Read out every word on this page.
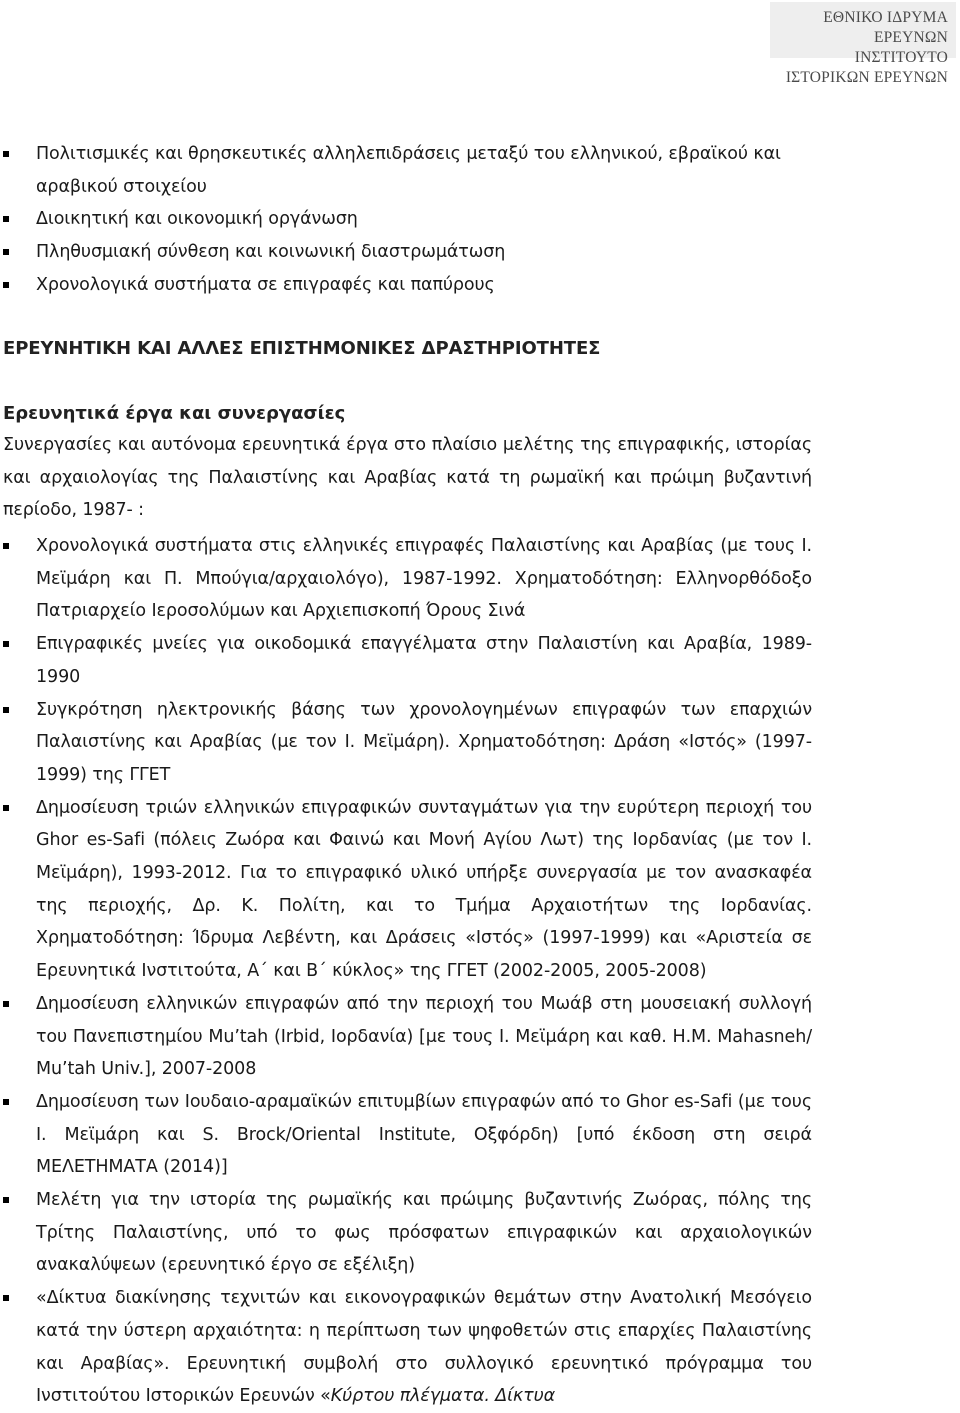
ΕΘΝΙΚΟ ΙΔΡΥΜΑ ΕΡΕΥΝΩΝ
ΙΝΣΤΙΤΟΥΤΟ ΙΣΤΟΡΙΚΩΝ ΕΡΕΥΝΩΝ
Πολιτισμικές και θρησκευτικές αλληλεπιδράσεις μεταξύ του ελληνικού, εβραϊκού και αραβικού στοιχείου
Διοικητική και οικονομική οργάνωση
Πληθυσμιακή σύνθεση και κοινωνική διαστρωμάτωση
Χρονολογικά συστήματα σε επιγραφές και παπύρους
ΕΡΕΥΝΗΤΙΚΗ ΚΑΙ ΑΛΛΕΣ ΕΠΙΣΤΗΜΟΝΙΚΕΣ ΔΡΑΣΤΗΡΙΟΤΗΤΕΣ
Ερευνητικά έργα και συνεργασίες
Συνεργασίες και αυτόνομα ερευνητικά έργα στο πλαίσιο μελέτης της επιγραφικής, ιστορίας και αρχαιολογίας της Παλαιστίνης και Αραβίας κατά τη ρωμαϊκή και πρώιμη βυζαντινή περίοδο, 1987- :
Χρονολογικά συστήματα στις ελληνικές επιγραφές Παλαιστίνης και Αραβίας (με τους Ι. Μεϊμάρη και Π. Μπούγια/αρχαιολόγο), 1987-1992. Χρηματοδότηση: Ελληνορθόδοξο Πατριαρχείο Ιεροσολύμων και Αρχιεπισκοπή Όρους Σινά
Επιγραφικές μνείες για οικοδομικά επαγγέλματα στην Παλαιστίνη και Αραβία, 1989-1990
Συγκρότηση ηλεκτρονικής βάσης των χρονολογημένων επιγραφών των επαρχιών Παλαιστίνης και Αραβίας (με τον Ι. Μεϊμάρη). Χρηματοδότηση: Δράση «Ιστός» (1997-1999) της ΓΓΕΤ
Δημοσίευση τριών ελληνικών επιγραφικών συνταγμάτων για την ευρύτερη περιοχή του Ghor es-Safi (πόλεις Ζωόρα και Φαινώ και Μονή Αγίου Λωτ) της Ιορδανίας (με τον Ι. Μεϊμάρη), 1993-2012. Για το επιγραφικό υλικό υπήρξε συνεργασία με τον ανασκαφέα της περιοχής, Δρ. Κ. Πολίτη, και το Τμήμα Αρχαιοτήτων της Ιορδανίας. Χρηματοδότηση: Ίδρυμα Λεβέντη, και Δράσεις «Ιστός» (1997-1999) και «Αριστεία σε Ερευνητικά Ινστιτούτα, Α΄ και Β΄ κύκλος» της ΓΓΕΤ (2002-2005, 2005-2008)
Δημοσίευση ελληνικών επιγραφών από την περιοχή του Μωάβ στη μουσειακή συλλογή του Πανεπιστημίου Mu’tah (Irbid, Ιορδανία) [με τους Ι. Μεϊμάρη και καθ. Η.Μ. Mahasneh/ Mu’tah Univ.], 2007-2008
Δημοσίευση των Ιουδαιο-αραμαϊκών επιτυμβίων επιγραφών από το Ghor es-Safi (με τους Ι. Μεϊμάρη και S. Brock/Oriental Institute, Οξφόρδη) [υπό έκδοση στη σειρά ΜΕΛΕΤΗΜΑΤΑ (2014)]
Μελέτη για την ιστορία της ρωμαϊκής και πρώιμης βυζαντινής Ζωόρας, πόλης της Τρίτης Παλαιστίνης, υπό το φως πρόσφατων επιγραφικών και αρχαιολογικών ανακαλύψεων (ερευνητικό έργο σε εξέλιξη)
«Δίκτυα διακίνησης τεχνιτών και εικονογραφικών θεμάτων στην Ανατολική Μεσόγειο κατά την ύστερη αρχαιότητα: η περίπτωση των ψηφοθετών στις επαρχίες Παλαιστίνης και Αραβίας». Ερευνητική συμβολή στο συλλογικό ερευνητικό πρόγραμμα του Ινστιτούτου Ιστορικών Ερευνών «Κύρτου πλέγματα. Δίκτυα
